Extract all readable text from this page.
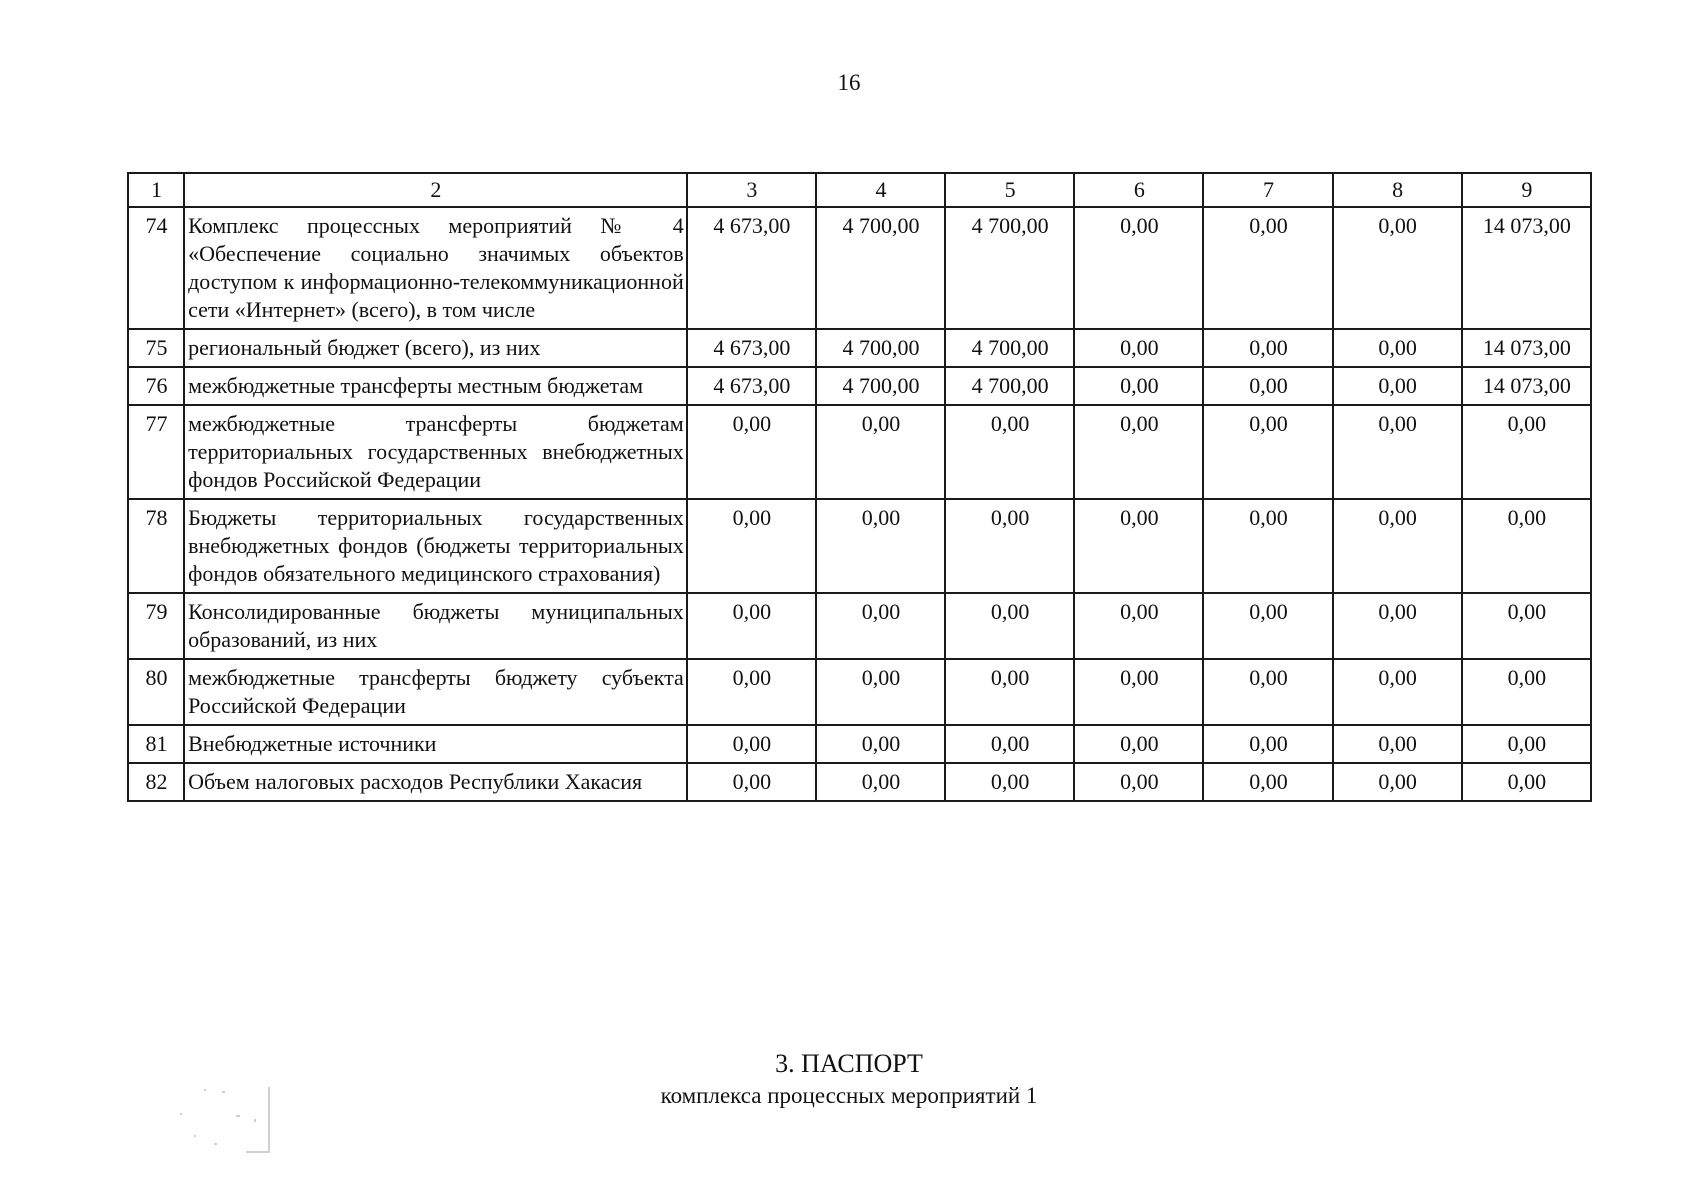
16
1	2	3	4	5	6	7	8	9
74	Комплекс процессных мероприятий № 4 «Обеспечение социально значимых объектов доступом к информационно-телекоммуникационной сети «Интернет» (всего), в том числе	4 673,00	4 700,00	4 700,00	0,00	0,00	0,00	14 073,00
75	региональный бюджет (всего), из них	4 673,00	4 700,00	4 700,00	0,00	0,00	0,00	14 073,00
76	межбюджетные трансферты местным бюджетам	4 673,00	4 700,00	4 700,00	0,00	0,00	0,00	14 073,00
77	межбюджетные трансферты бюджетам территориальных государственных внебюджетных фондов Российской Федерации	0,00	0,00	0,00	0,00	0,00	0,00	0,00
78	Бюджеты территориальных государственных внебюджетных фондов (бюджеты территориальных фондов обязательного медицинского страхования)	0,00	0,00	0,00	0,00	0,00	0,00	0,00
79	Консолидированные бюджеты муниципальных образований, из них	0,00	0,00	0,00	0,00	0,00	0,00	0,00
80	межбюджетные трансферты бюджету субъекта Российской Федерации	0,00	0,00	0,00	0,00	0,00	0,00	0,00
81	Внебюджетные источники	0,00	0,00	0,00	0,00	0,00	0,00	0,00
82	Объем налоговых расходов Республики Хакасия	0,00	0,00	0,00	0,00	0,00	0,00	0,00
3. ПАСПОРТ
комплекса процессных мероприятий 1
